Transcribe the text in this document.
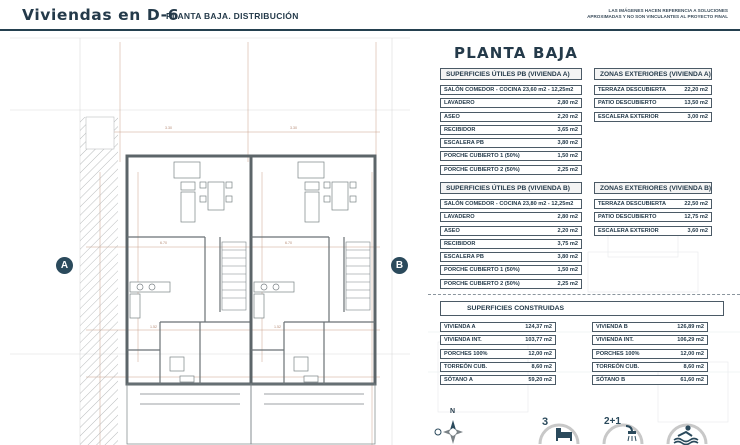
Viviendas en D-6
PLANTA BAJA. DISTRIBUCIÓN
LAS IMÁGENES HACEN REFERENCIA A SOLUCIONES
APROXIMADAS Y NO SON VINCULANTES AL PROYECTO FINAL
3.30	3.30
6.70	6.70
1.52	1.52
A	B
PLANTA BAJA
SUPERFICIES ÚTILES PB (VIVIENDA A)
SALÓN COMEDOR - COCINA 23,60 m2 - 12,25m2
LAVADERO	2,80 m2
ASEO	2,20 m2
RECIBIDOR	3,65 m2
ESCALERA PB	3,80 m2
PORCHE CUBIERTO 1 (50%)	1,50 m2
PORCHE CUBIERTO 2 (50%)	2,25 m2
ZONAS EXTERIORES (VIVIENDA A)
TERRAZA DESCUBIERTA	22,20 m2
PATIO DESCUBIERTO	13,50 m2
ESCALERA EXTERIOR	3,00 m2
SUPERFICIES ÚTILES PB (VIVIENDA B)
SALÓN COMEDOR - COCINA 23,80 m2 - 12,25m2
LAVADERO	2,80 m2
ASEO	2,20 m2
RECIBIDOR	3,75 m2
ESCALERA PB	3,80 m2
PORCHE CUBIERTO 1 (50%)	1,50 m2
PORCHE CUBIERTO 2 (50%)	2,25 m2
ZONAS EXTERIORES (VIVIENDA B)
TERRAZA DESCUBIERTA	22,50 m2
PATIO DESCUBIERTO	12,75 m2
ESCALERA EXTERIOR	3,60 m2
SUPERFICIES CONSTRUIDAS
VIVIENDA A	124,37 m2
VIVIENDA INT.	103,77 m2
PORCHES 100%	12,00 m2
TORREÓN CUB.	8,60 m2
SÓTANO A	59,20 m2
VIVIENDA B	126,89 m2
VIVIENDA INT.	106,29 m2
PORCHES 100%	12,00 m2
TORREÓN CUB.	8,60 m2
SÓTANO B	61,60 m2
3	2+1
N
